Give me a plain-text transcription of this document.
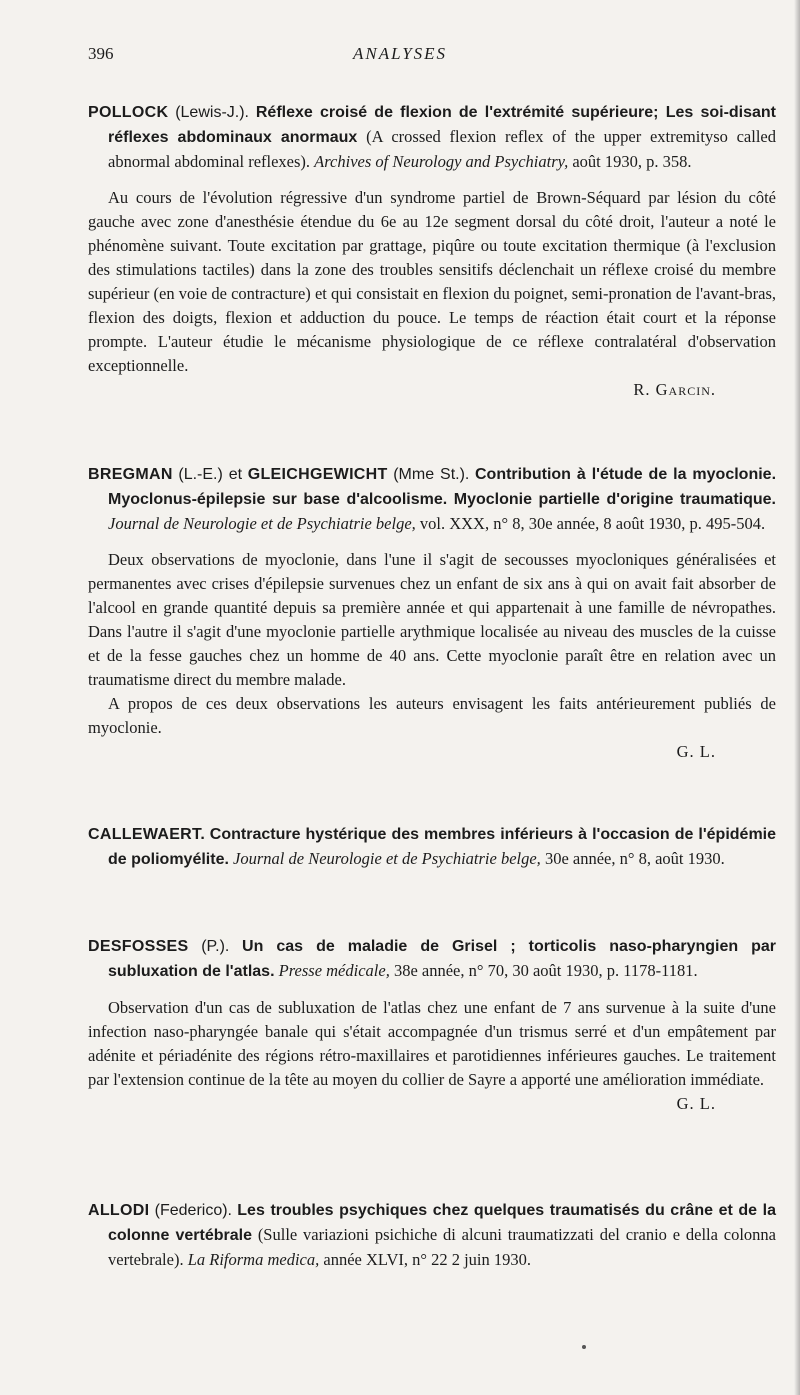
396	ANALYSES
POLLOCK (Lewis-J.). Réflexe croisé de flexion de l'extrémité supérieure; Les soi-disant réflexes abdominaux anormaux (A crossed flexion reflex of the upper extremityso called abnormal abdominal reflexes). Archives of Neurology and Psychiatry, août 1930, p. 358.

Au cours de l'évolution régressive d'un syndrome partiel de Brown-Séquard par lésion du côté gauche avec zone d'anesthésie étendue du 6e au 12e segment dorsal du côté droit, l'auteur a noté le phénomène suivant. Toute excitation par grattage, piqûre ou toute excitation thermique (à l'exclusion des stimulations tactiles) dans la zone des troubles sensitifs déclenchait un réflexe croisé du membre supérieur (en voie de contracture) et qui consistait en flexion du poignet, semi-pronation de l'avant-bras, flexion des doigts, flexion et adduction du pouce. Le temps de réaction était court et la réponse prompte. L'auteur étudie le mécanisme physiologique de ce réflexe contralatéral d'observation exceptionnelle.

R. Garcin.
BREGMAN (L.-E.) et GLEICHGEWICHT (Mme St.). Contribution à l'étude de la myoclonie. Myoclonus-épilepsie sur base d'alcoolisme. Myoclonie partielle d'origine traumatique. Journal de Neurologie et de Psychiatrie belge, vol. XXX, n° 8, 30e année, 8 août 1930, p. 495-504.

Deux observations de myoclonie, dans l'une il s'agit de secousses myocloniques généralisées et permanentes avec crises d'épilepsie survenues chez un enfant de six ans à qui on avait fait absorber de l'alcool en grande quantité depuis sa première année et qui appartenait à une famille de névropathes. Dans l'autre il s'agit d'une myoclonie partielle arythmique localisée au niveau des muscles de la cuisse et de la fesse gauches chez un homme de 40 ans. Cette myoclonie paraît être en relation avec un traumatisme direct du membre malade.

A propos de ces deux observations les auteurs envisagent les faits antérieurement publiés de myoclonie.

G. L.
CALLEWAERT. Contracture hystérique des membres inférieurs à l'occasion de l'épidémie de poliomyélite. Journal de Neurologie et de Psychiatrie belge, 30e année, n° 8, août 1930.
DESFOSSES (P.). Un cas de maladie de Grisel ; torticolis naso-pharyngien par subluxation de l'atlas. Presse médicale, 38e année, n° 70, 30 août 1930, p. 1178-1181.

Observation d'un cas de subluxation de l'atlas chez une enfant de 7 ans survenue à la suite d'une infection naso-pharyngée banale qui s'était accompagnée d'un trismus serré et d'un empâtement par adénite et périadénite des régions rétro-maxillaires et parotidiennes inférieures gauches. Le traitement par l'extension continue de la tête au moyen du collier de Sayre a apporté une amélioration immédiate.

G. L.
ALLODI (Federico). Les troubles psychiques chez quelques traumatisés du crâne et de la colonne vertébrale (Sulle variazioni psichiche di alcuni traumatizzati del cranio e della colonna vertebrale). La Riforma medica, année XLVI, n° 22 2 juin 1930.
